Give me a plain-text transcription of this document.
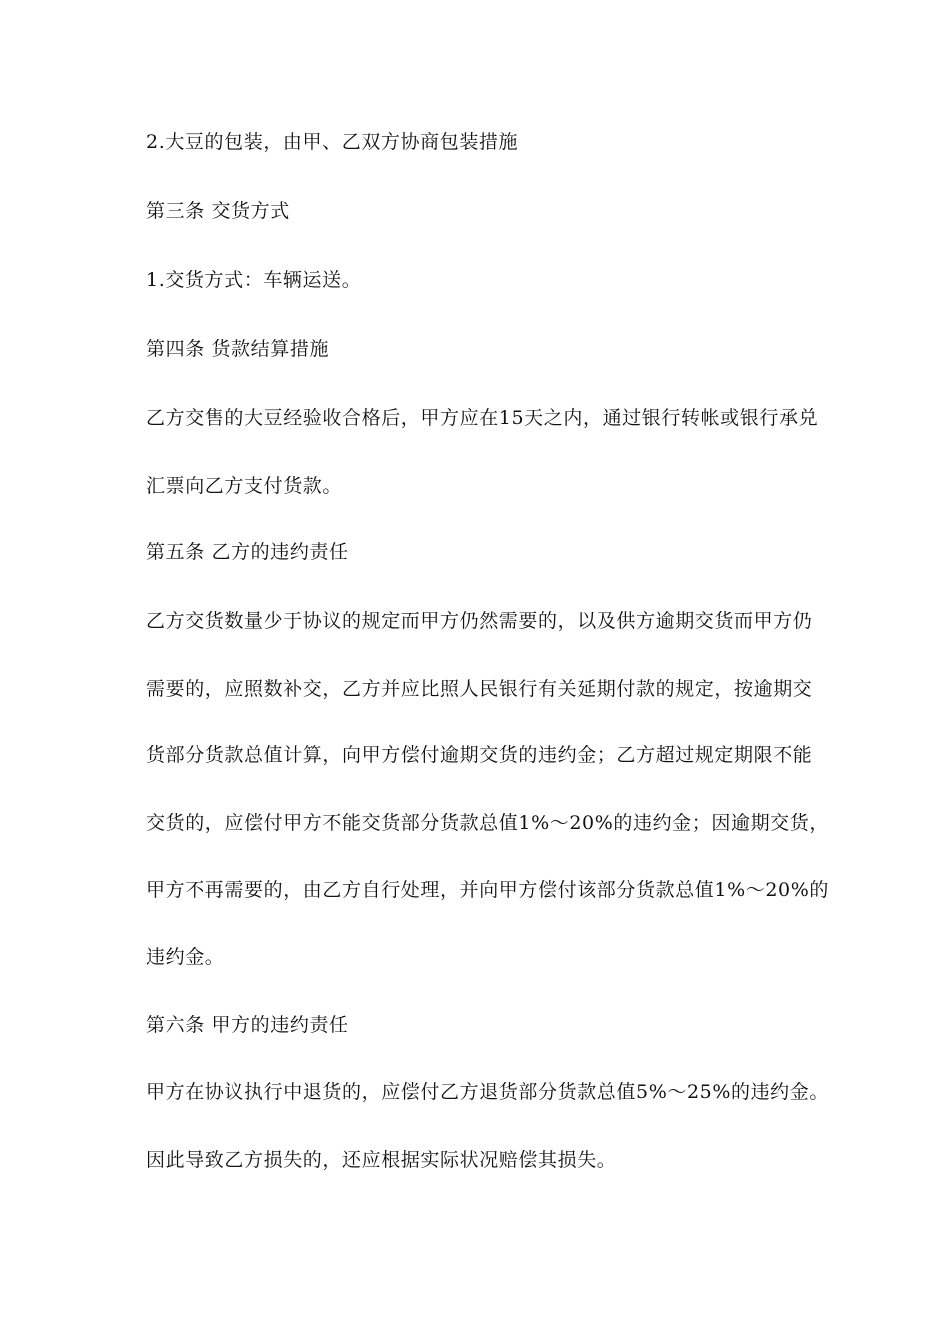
2.大豆的包装，由甲、乙双方协商包装措施
第三条 交货方式
1.交货方式：车辆运送。
第四条 货款结算措施
乙方交售的大豆经验收合格后，甲方应在15天之内，通过银行转帐或银行承兑
汇票向乙方支付货款。
第五条 乙方的违约责任
乙方交货数量少于协议的规定而甲方仍然需要的，以及供方逾期交货而甲方仍
需要的，应照数补交，乙方并应比照人民银行有关延期付款的规定，按逾期交
货部分货款总值计算，向甲方偿付逾期交货的违约金；乙方超过规定期限不能
交货的，应偿付甲方不能交货部分货款总值1%～20%的违约金；因逾期交货，
甲方不再需要的，由乙方自行处理，并向甲方偿付该部分货款总值1%～20%的
违约金。
第六条 甲方的违约责任
甲方在协议执行中退货的，应偿付乙方退货部分货款总值5%～25%的违约金。
因此导致乙方损失的，还应根据实际状况赔偿其损失。
